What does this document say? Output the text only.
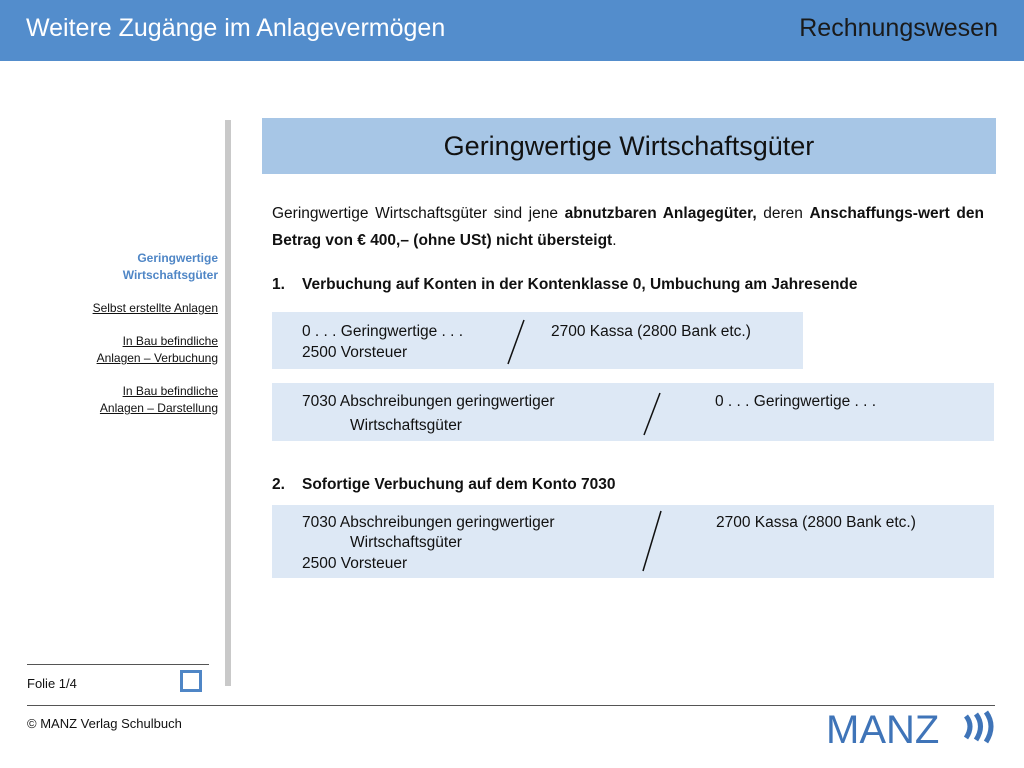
Weitere Zugänge im Anlagevermögen	Rechnungswesen
Geringwertige
Wirtschaftsgüter
Selbst erstellte Anlagen
In Bau befindliche
Anlagen – Verbuchung
In Bau befindliche
Anlagen – Darstellung
Geringwertige Wirtschaftsgüter
Geringwertige Wirtschaftsgüter sind jene abnutzbaren Anlagegüter, deren Anschaffungs-wert den Betrag von € 400,– (ohne USt) nicht übersteigt.
1. Verbuchung auf Konten in der Kontenklasse 0, Umbuchung am Jahresende
0 . . . Geringwertige . . .
2500 Vorsteuer
2700 Kassa (2800 Bank etc.)
7030 Abschreibungen geringwertiger
Wirtschaftsgüter
0 . . . Geringwertige . . .
2. Sofortige Verbuchung auf dem Konto 7030
7030 Abschreibungen geringwertiger
Wirtschaftsgüter
2500 Vorsteuer
2700 Kassa (2800 Bank etc.)
Folie 1/4
© MANZ Verlag Schulbuch	MANZ
